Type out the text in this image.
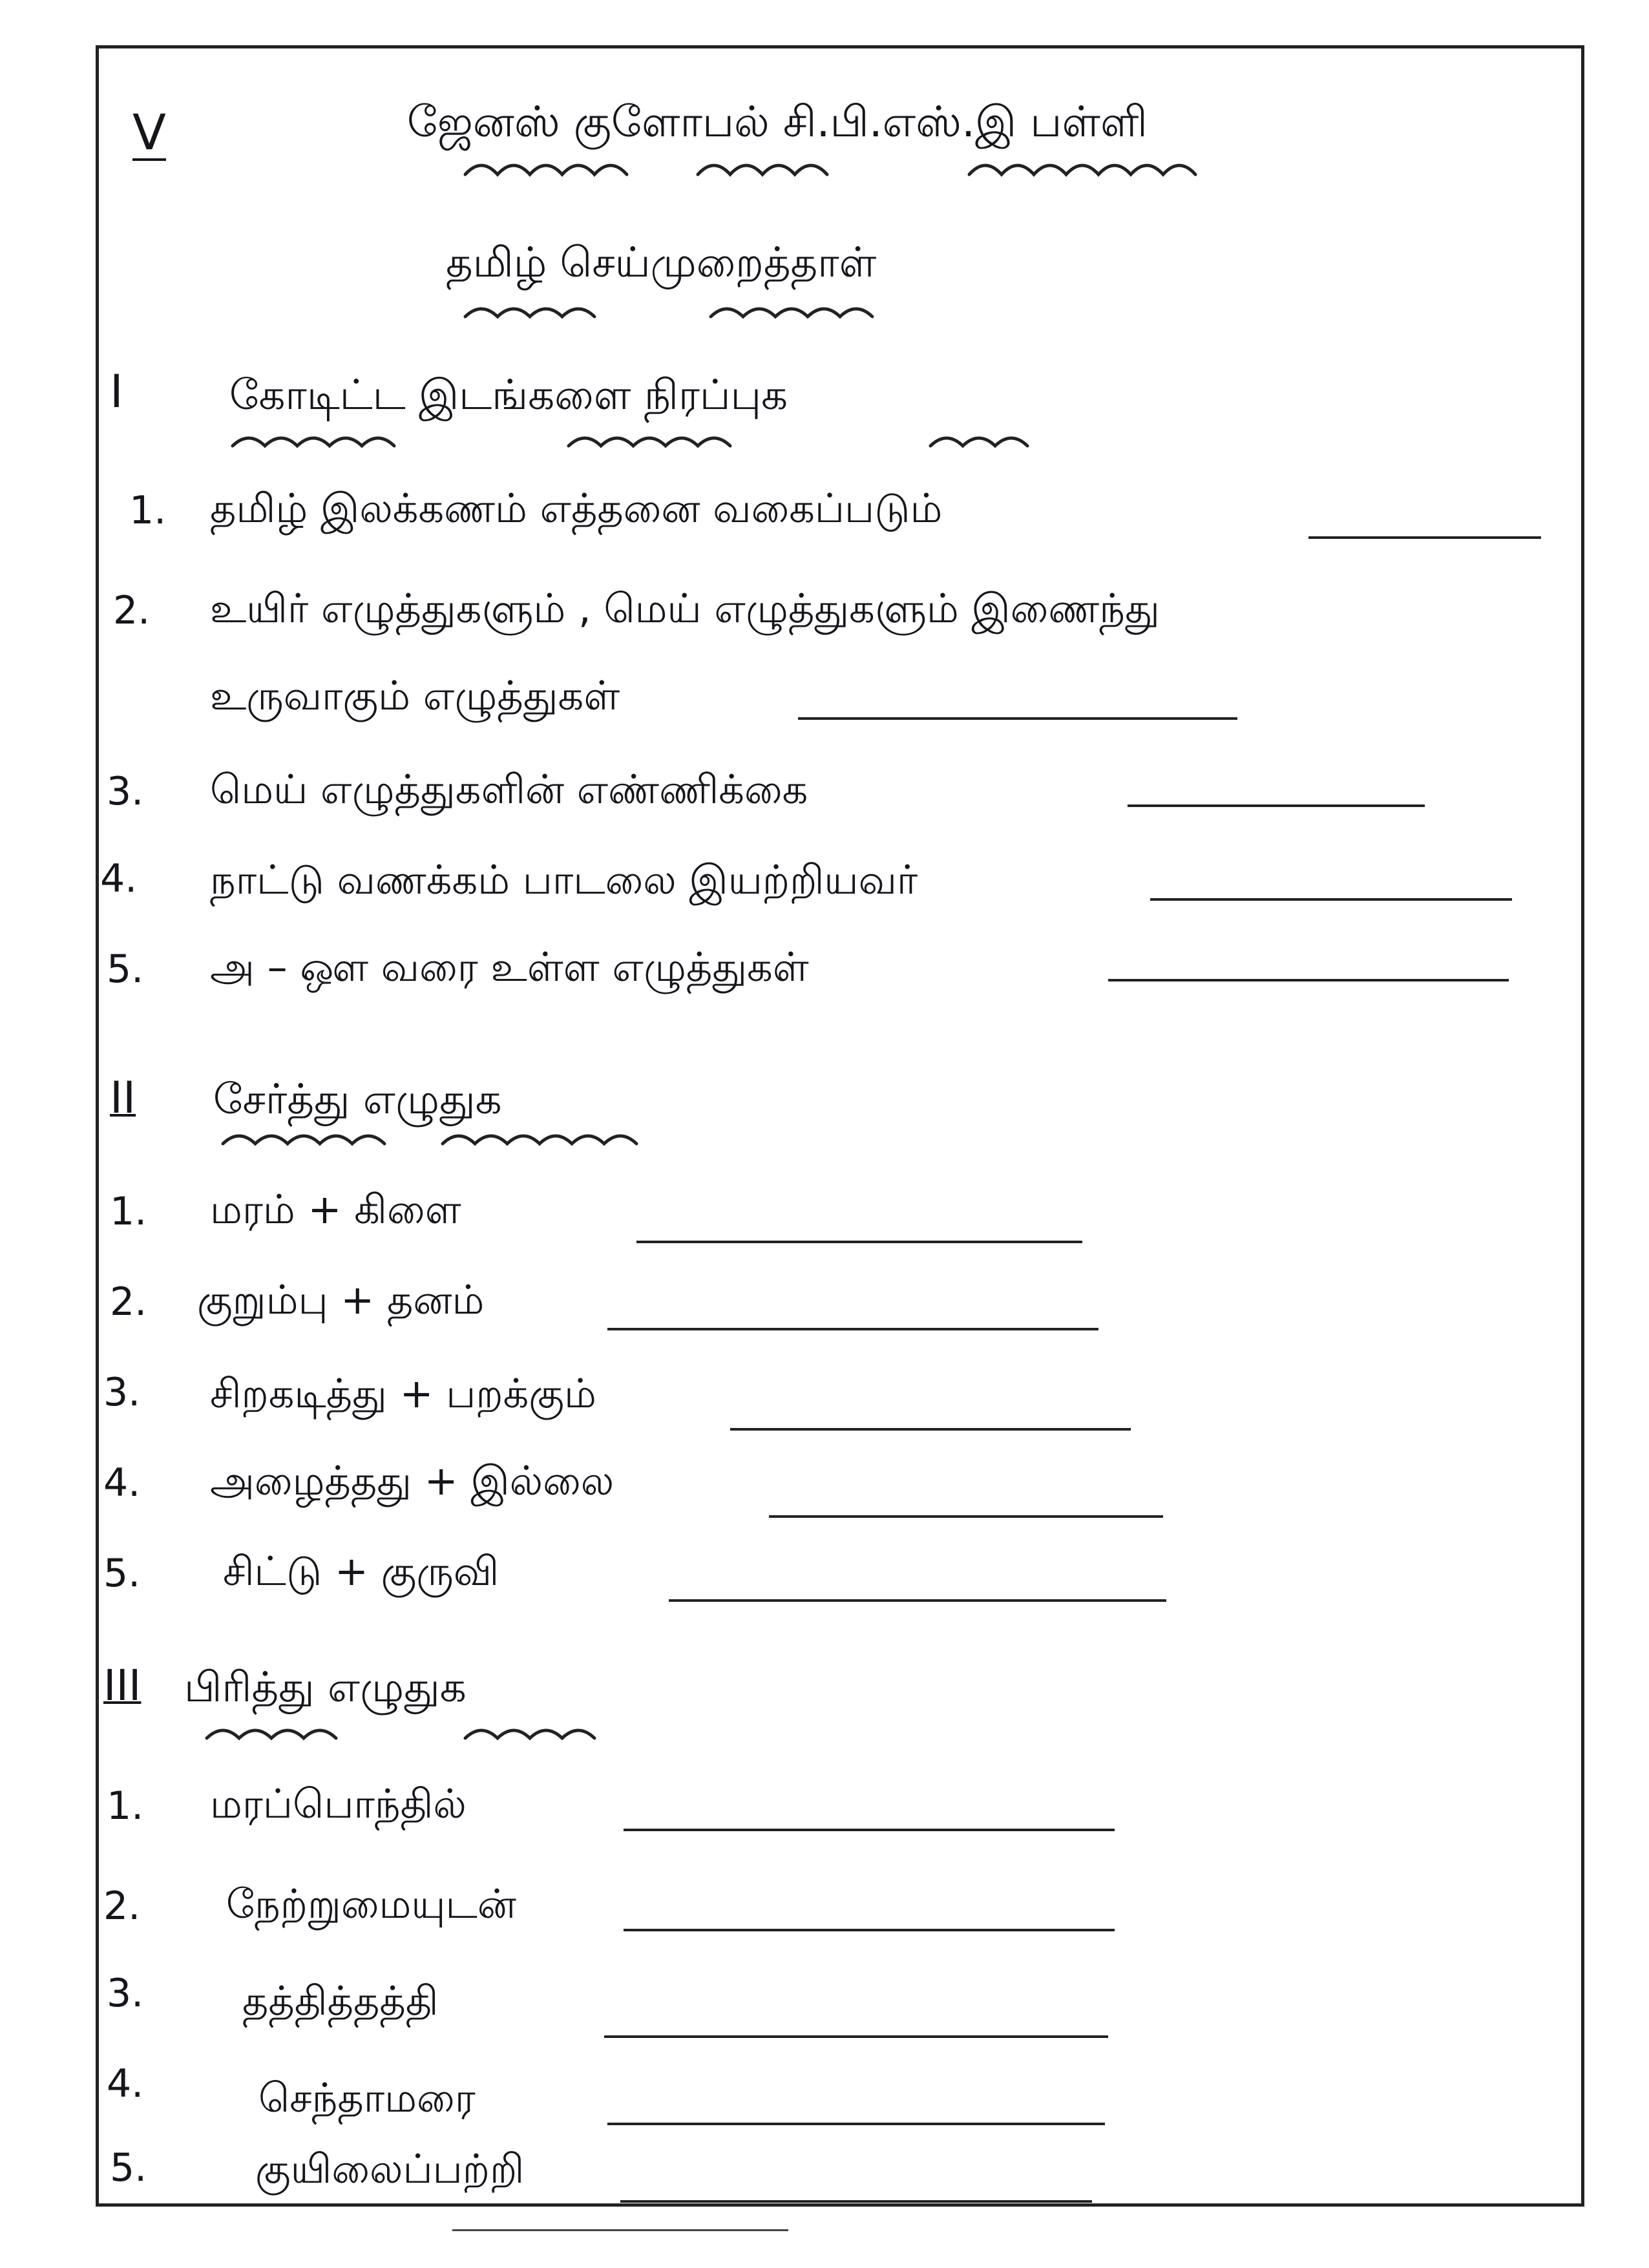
V	ஜேனஸ் குளோபல் சி.பி.எஸ்.இ பள்ளி
தமிழ் செய்முறைத்தாள்
I	கோடிட்ட இடங்களை நிரப்புக
1. தமிழ் இலக்கணம் எத்தனை வகைப்படும்
2. உயிர் எழுத்துகளும் , மெய் எழுத்துகளும் இணைந்து
உருவாகும் எழுத்துகள்
3. மெய் எழுத்துகளின் எண்ணிக்கை
4. நாட்டு வணக்கம் பாடலை இயற்றியவர்
5. அ – ஔ வரை உள்ள எழுத்துகள்
II சேர்த்து எழுதுக
1. மரம் + கிளை
2. குறும்பு + தனம்
3. சிறகடித்து + பறக்கும்
4. அழைத்தது + இல்லை
5. சிட்டு + குருவி
III பிரித்து எழுதுக
1. மரப்பொந்தில்
2. நேற்றுமையுடன்
3. தத்தித்தத்தி
4.	செந்தாமரை
5.	குயிலைப்பற்றி
